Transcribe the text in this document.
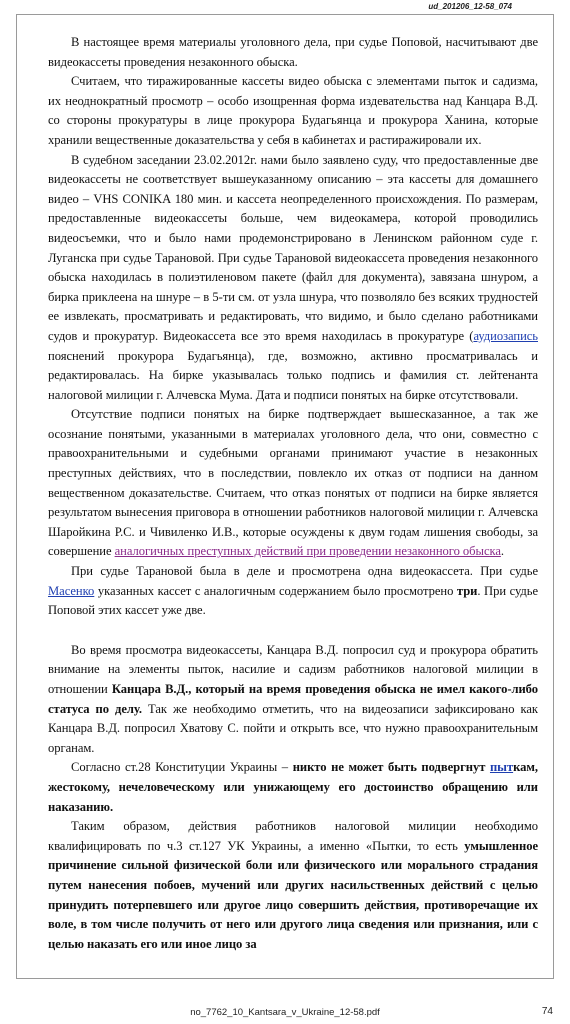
ud_201206_12-58_074

В настоящее время материалы уголовного дела, при судье Поповой, насчитывают две видеокассеты проведения незаконного обыска.

Считаем, что тиражированные кассеты видео обыска с элементами пыток и садизма, их неоднократный просмотр – особо изощренная форма издевательства над Канцара В.Д. со стороны прокуратуры в лице прокурора Будагьянца и прокурора Ханина, которые хранили вещественные доказательства у себя в кабинетах и растиражировали их.

В судебном заседании 23.02.2012г. нами было заявлено суду, что предоставленные две видеокассеты не соответствует вышеуказанному описанию – эта кассеты для домашнего видео – VHS CONIKA 180 мин. и кассета неопределенного происхождения. По размерам, предоставленные видеокассеты больше, чем видеокамера, которой проводились видеосъемки, что и было нами продемонстрировано в Ленинском районном суде г. Луганска при судье Тарановой. При судье Тарановой видеокассета проведения незаконного обыска находилась в полиэтиленовом пакете (файл для документа), завязана шнуром, а бирка приклеена на шнуре – в 5-ти см. от узла шнура, что позволяло без всяких трудностей ее извлекать, просматривать и редактировать, что видимо, и было сделано работниками судов и прокуратур. Видеокассета все это время находилась в прокуратуре (аудиозапись пояснений прокурора Будагьянца), где, возможно, активно просматривалась и редактировалась. На бирке указывалась только подпись и фамилия ст. лейтенанта налоговой милиции г. Алчевска Мума. Дата и подписи понятых на бирке отсутствовали.

Отсутствие подписи понятых на бирке подтверждает вышесказанное, а так же осознание понятыми, указанными в материалах уголовного дела, что они, совместно с правоохранительными и судебными органами принимают участие в незаконных преступных действиях, что в последствии, повлекло их отказ от подписи на данном вещественном доказательстве. Считаем, что отказ понятых от подписи на бирке является результатом вынесения приговора в отношении работников налоговой милиции г. Алчевска Шаройкина Р.С. и Чивиленко И.В., которые осуждены к двум годам лишения свободы, за совершение аналогичных преступных действий при проведении незаконного обыска.

При судье Тарановой была в деле и просмотрена одна видеокассета. При судье Масенко указанных кассет с аналогичным содержанием было просмотрено три. При судье Поповой этих кассет уже две.

Во время просмотра видеокассеты, Канцара В.Д. попросил суд и прокурора обратить внимание на элементы пыток, насилие и садизм работников налоговой милиции в отношении Канцара В.Д., который на время проведения обыска не имел какого-либо статуса по делу. Так же необходимо отметить, что на видеозаписи зафиксировано как Канцара В.Д. попросил Хватову С. пойти и открыть все, что нужно правоохранительным органам.

Согласно ст.28 Конституции Украины – никто не может быть подвергнут пыткам, жестокому, нечеловеческому или унижающему его достоинство обращению или наказанию.

Таким образом, действия работников налоговой милиции необходимо квалифицировать по ч.3 ст.127 УК Украины, а именно «Пытки, то есть умышленное причинение сильной физической боли или физического или морального страдания путем нанесения побоев, мучений или других насильственных действий с целью принудить потерпевшего или другое лицо совершить действия, противоречащие их воле, в том числе получить от него или другого лица сведения или признания, или с целью наказать его или иное лицо за

no_7762_10_Kantsara_v_Ukraine_12-58.pdf	74
